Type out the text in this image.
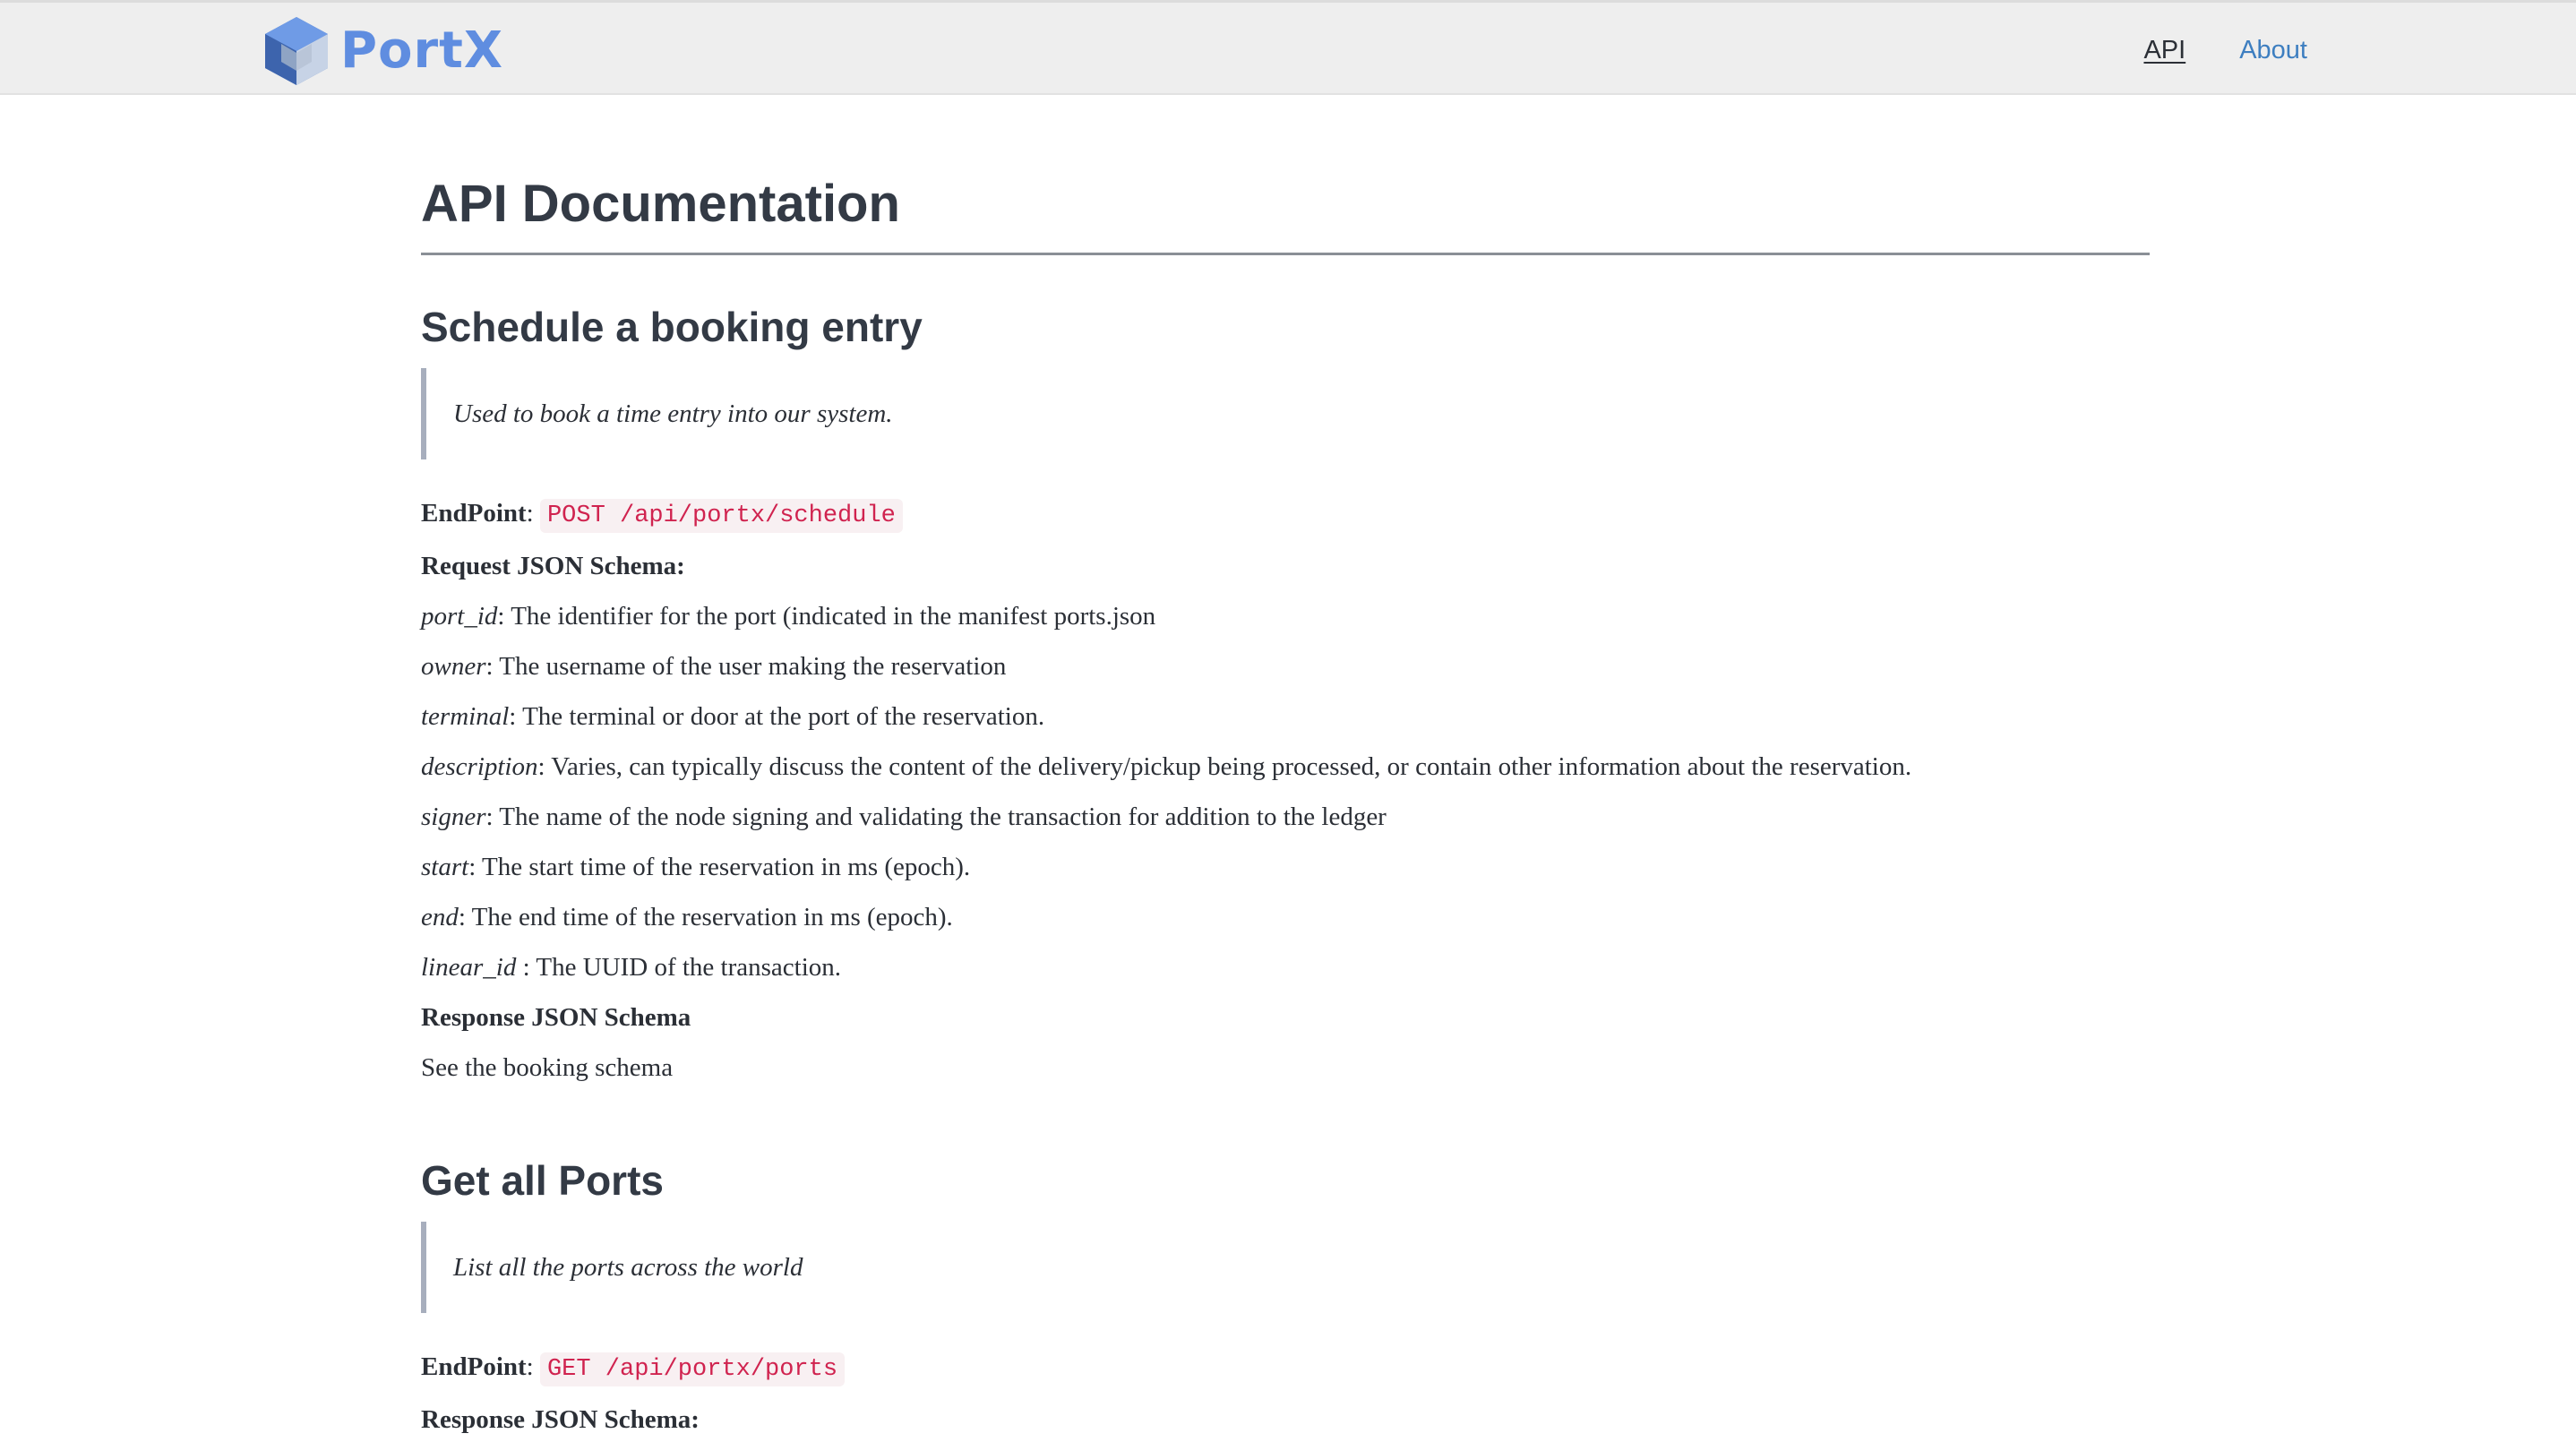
PortX	API About
API Documentation
Schedule a booking entry
Used to book a time entry into our system.

EndPoint: POST /api/portx/schedule

Request JSON Schema:

port_id: The identifier for the port (indicated in the manifest ports.json

owner: The username of the user making the reservation

terminal: The terminal or door at the port of the reservation.

description: Varies, can typically discuss the content of the delivery/pickup being processed, or contain other information about the reservation.

signer: The name of the node signing and validating the transaction for addition to the ledger

start: The start time of the reservation in ms (epoch).

end: The end time of the reservation in ms (epoch).

linear_id : The UUID of the transaction.

Response JSON Schema

See the booking schema

Get all Ports
List all the ports across the world

EndPoint: GET /api/portx/ports

Response JSON Schema:
